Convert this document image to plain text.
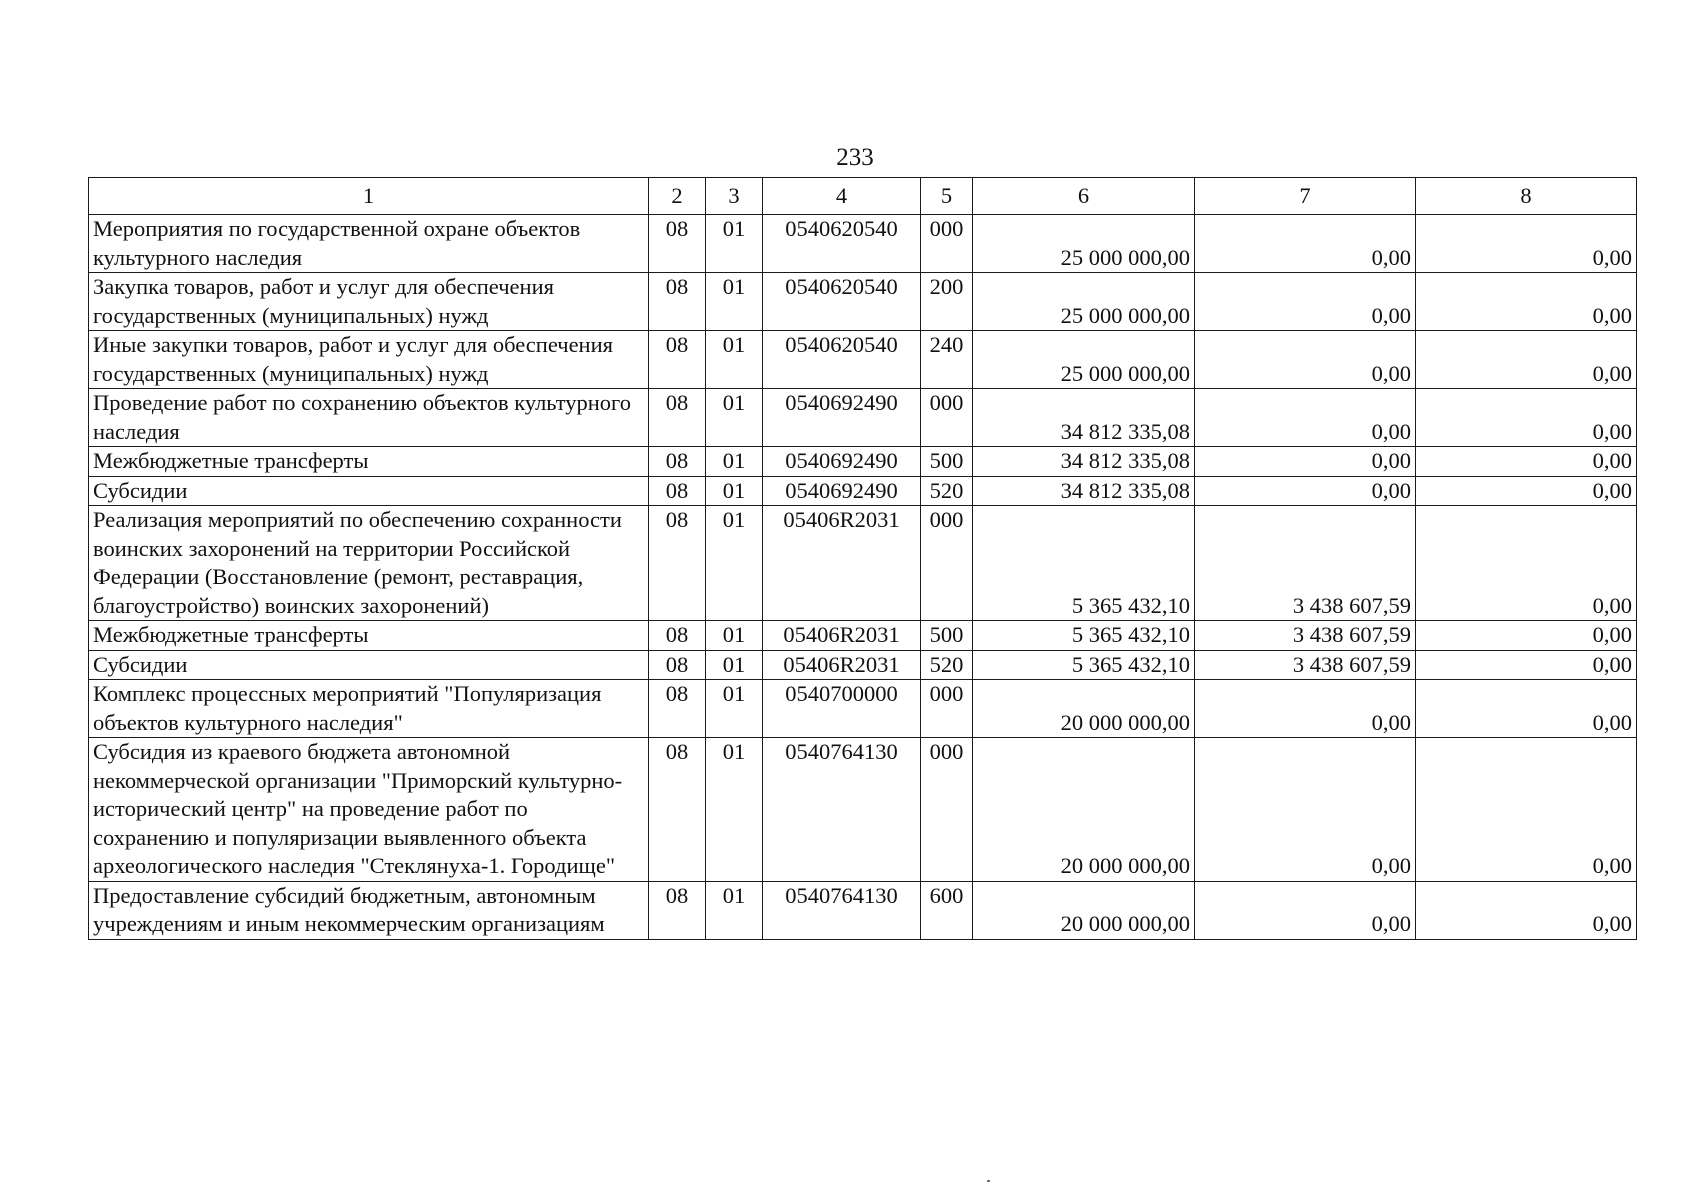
233
1	2	3	4	5	6	7	8
Мероприятия по государственной охране объектов культурного наследия	08	01	0540620540	000	25 000 000,00	0,00	0,00
Закупка товаров, работ и услуг для обеспечения государственных (муниципальных) нужд	08	01	0540620540	200	25 000 000,00	0,00	0,00
Иные закупки товаров, работ и услуг для обеспечения государственных (муниципальных) нужд	08	01	0540620540	240	25 000 000,00	0,00	0,00
Проведение работ по сохранению объектов культурного наследия	08	01	0540692490	000	34 812 335,08	0,00	0,00
Межбюджетные трансферты	08	01	0540692490	500	34 812 335,08	0,00	0,00
Субсидии	08	01	0540692490	520	34 812 335,08	0,00	0,00
Реализация мероприятий по обеспечению сохранности воинских захоронений на территории Российской Федерации (Восстановление (ремонт, реставрация, благоустройство) воинских захоронений)	08	01	05406R2031	000	5 365 432,10	3 438 607,59	0,00
Межбюджетные трансферты	08	01	05406R2031	500	5 365 432,10	3 438 607,59	0,00
Субсидии	08	01	05406R2031	520	5 365 432,10	3 438 607,59	0,00
Комплекс процессных мероприятий "Популяризация объектов культурного наследия"	08	01	0540700000	000	20 000 000,00	0,00	0,00
Субсидия из краевого бюджета автономной некоммерческой организации "Приморский культурно-исторический центр" на проведение работ по сохранению и популяризации выявленного объекта археологического наследия "Стеклянуха-1. Городище"	08	01	0540764130	000	20 000 000,00	0,00	0,00
Предоставление субсидий бюджетным, автономным учреждениям и иным некоммерческим организациям	08	01	0540764130	600	20 000 000,00	0,00	0,00
